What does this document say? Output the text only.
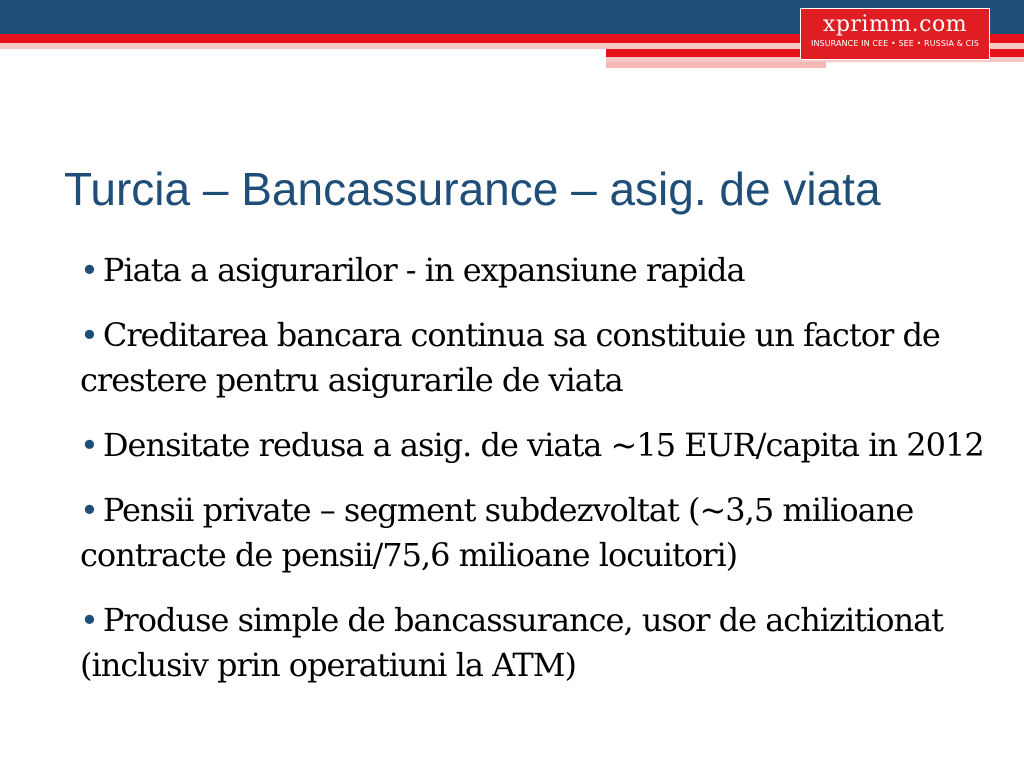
xprimm.com
INSURANCE IN CEE • SEE • RUSSIA & CIS
Turcia – Bancassurance – asig. de viata
• Piata a asigurarilor - in expansiune rapida
• Creditarea bancara continua sa constituie un factor de crestere pentru asigurarile de viata
• Densitate redusa a asig. de viata ~15 EUR/capita in 2012
• Pensii private – segment subdezvoltat (~3,5 milioane contracte de pensii/75,6 milioane locuitori)
• Produse simple de bancassurance, usor de achizitionat (inclusiv prin operatiuni la ATM)
